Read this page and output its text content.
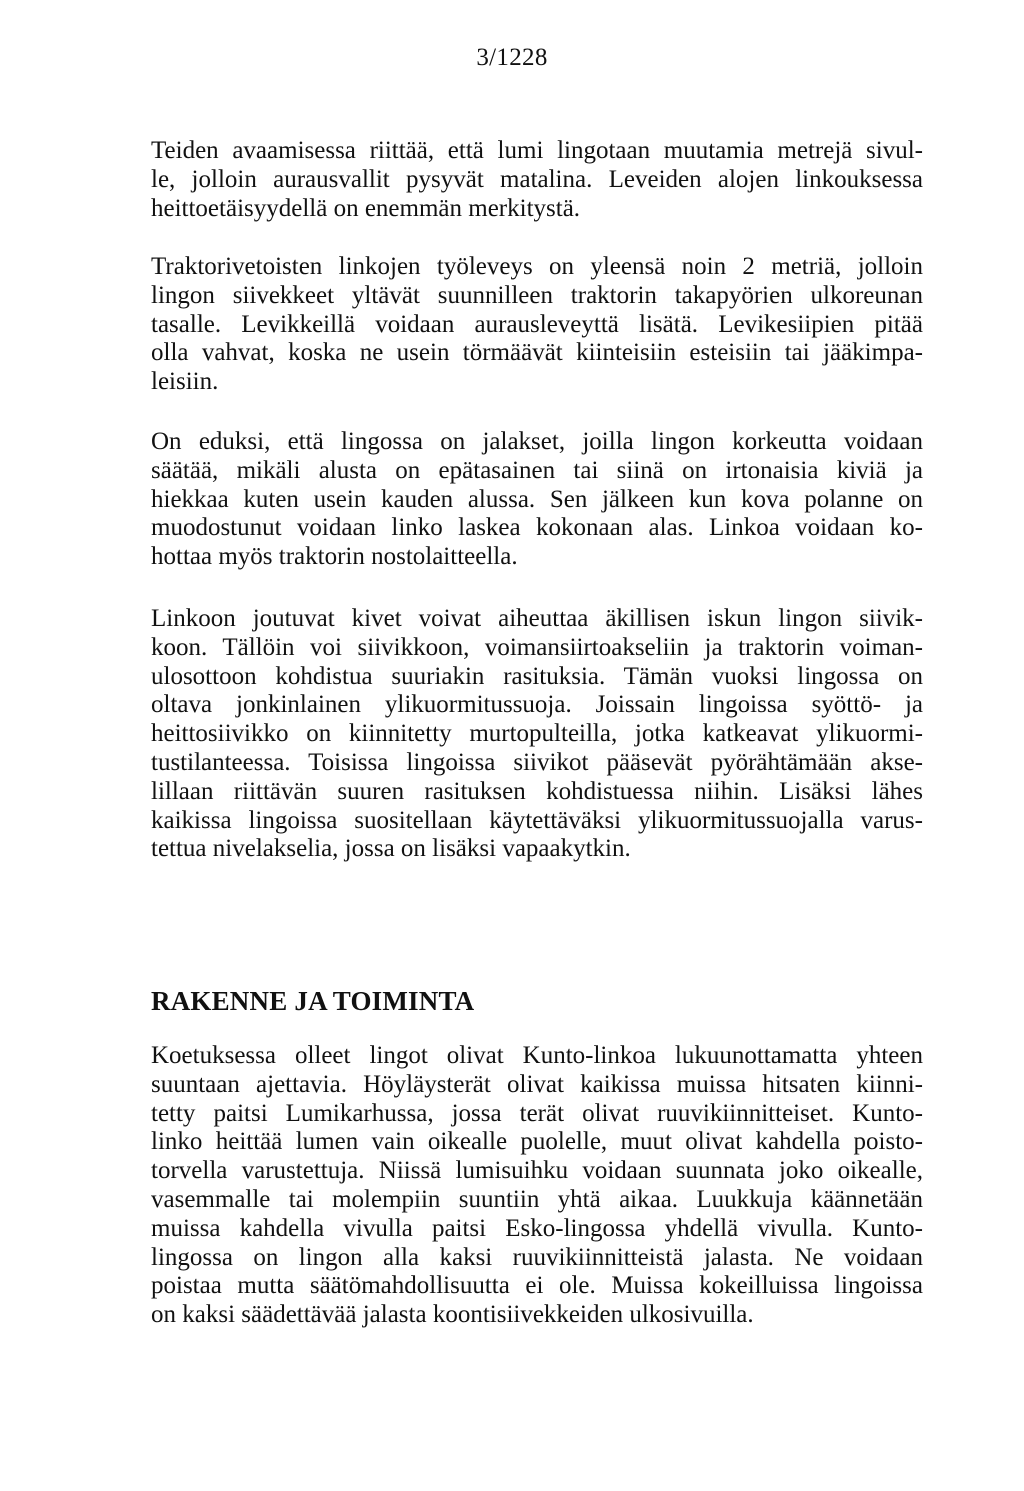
3/1228

Teiden avaamisessa riittää, että lumi lingotaan muutamia metrejä sivul-
le, jolloin aurausvallit pysyvät matalina. Leveiden alojen linkouksessa
heittoetäisyydellä on enemmän merkitystä.

Traktorivetoisten linkojen työleveys on yleensä noin 2 metriä, jolloin
lingon siivekkeet yltävät suunnilleen traktorin takapyörien ulkoreunan
tasalle. Levikkeillä voidaan aurausleveyttä lisätä. Levikesiipien pitää
olla vahvat, koska ne usein törmäävät kiinteisiin esteisiin tai jääkimpa-
leisiin.

On eduksi, että lingossa on jalakset, joilla lingon korkeutta voidaan
säätää, mikäli alusta on epätasainen tai siinä on irtonaisia kiviä ja
hiekkaa kuten usein kauden alussa. Sen jälkeen kun kova polanne on
muodostunut voidaan linko laskea kokonaan alas. Linkoa voidaan ko-
hottaa myös traktorin nostolaitteella.

Linkoon joutuvat kivet voivat aiheuttaa äkillisen iskun lingon siivik-
koon. Tällöin voi siivikkoon, voimansiirtoakseliin ja traktorin voiman-
ulosottoon kohdistua suuriakin rasituksia. Tämän vuoksi lingossa on
oltava jonkinlainen ylikuormitussuoja. Joissain lingoissa syöttö- ja
heittosiivikko on kiinnitetty murtopulteilla, jotka katkeavat ylikuormi-
tustilanteessa. Toisissa lingoissa siivikot pääsevät pyörähtämään akse-
lillaan riittävän suuren rasituksen kohdistuessa niihin. Lisäksi lähes
kaikissa lingoissa suositellaan käytettäväksi ylikuormitussuojalla varus-
tettua nivelakselia, jossa on lisäksi vapaakytkin.

RAKENNE JA TOIMINTA

Koetuksessa olleet lingot olivat Kunto-linkoa lukuunottamatta yhteen
suuntaan ajettavia. Höyläysterät olivat kaikissa muissa hitsaten kiinni-
tetty paitsi Lumikarhussa, jossa terät olivat ruuvikiinnitteiset. Kunto-
linko heittää lumen vain oikealle puolelle, muut olivat kahdella poisto-
torvella varustettuja. Niissä lumisuihku voidaan suunnata joko oikealle,
vasemmalle tai molempiin suuntiin yhtä aikaa. Luukkuja käännetään
muissa kahdella vivulla paitsi Esko-lingossa yhdellä vivulla. Kunto-
lingossa on lingon alla kaksi ruuvikiinnitteistä jalasta. Ne voidaan
poistaa mutta säätömahdollisuutta ei ole. Muissa kokeilluissa lingoissa
on kaksi säädettävää jalasta koontisiivekkeiden ulkosivuilla.
